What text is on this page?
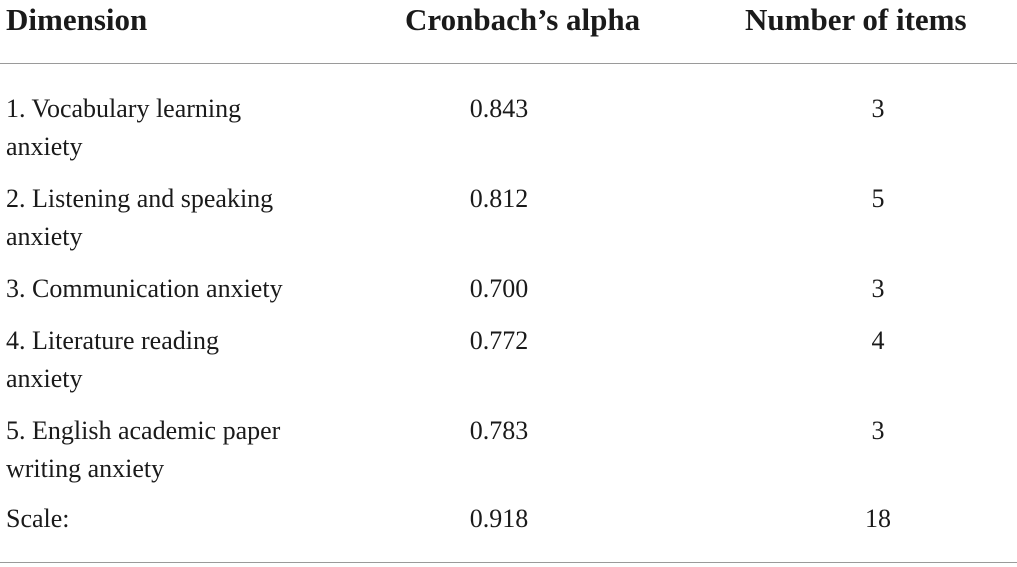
Dimension	Cronbach’s alpha	Number of items
1. Vocabulary learning
anxiety
0.843	3
2. Listening and speaking
anxiety
0.812	5
3. Communication anxiety	0.700	3
4. Literature reading
anxiety
0.772	4
5. English academic paper
writing anxiety
0.783	3
Scale:	0.918	18
